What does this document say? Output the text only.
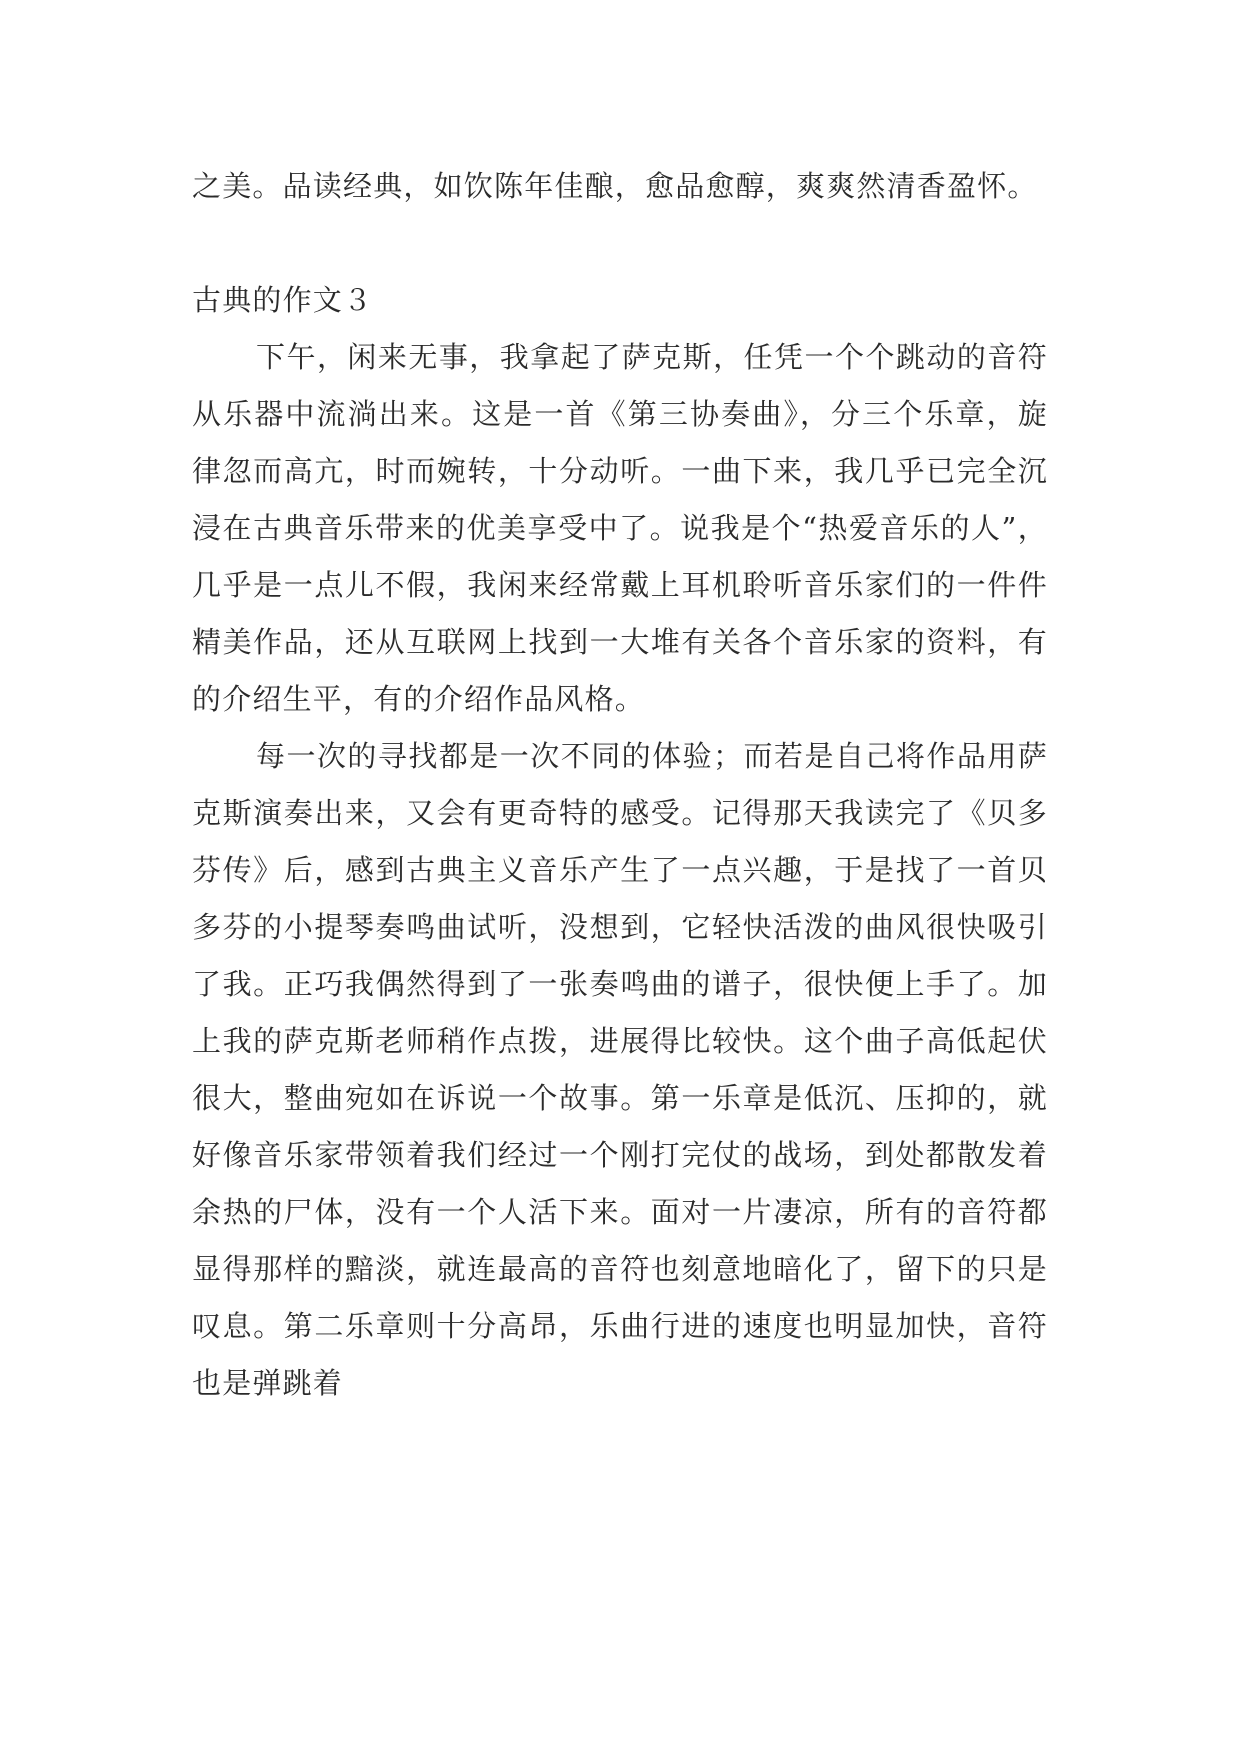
之美。品读经典，如饮陈年佳酿，愈品愈醇，爽爽然清香盈怀。

古典的作文３

下午，闲来无事，我拿起了萨克斯，任凭一个个跳动的音符从乐器中流淌出来。这是一首《第三协奏曲》，分三个乐章，旋律忽而高亢，时而婉转，十分动听。一曲下来，我几乎已完全沉浸在古典音乐带来的优美享受中了。说我是个“热爱音乐的人”，几乎是一点儿不假，我闲来经常戴上耳机聆听音乐家们的一件件精美作品，还从互联网上找到一大堆有关各个音乐家的资料，有的介绍生平，有的介绍作品风格。

每一次的寻找都是一次不同的体验；而若是自己将作品用萨克斯演奏出来，又会有更奇特的感受。记得那天我读完了《贝多芬传》后，感到古典主义音乐产生了一点兴趣，于是找了一首贝多芬的小提琴奏鸣曲试听，没想到，它轻快活泼的曲风很快吸引了我。正巧我偶然得到了一张奏鸣曲的谱子，很快便上手了。加上我的萨克斯老师稍作点拨，进展得比较快。这个曲子高低起伏很大，整曲宛如在诉说一个故事。第一乐章是低沉、压抑的，就好像音乐家带领着我们经过一个刚打完仗的战场，到处都散发着余热的尸体，没有一个人活下来。面对一片凄凉，所有的音符都显得那样的黯淡，就连最高的音符也刻意地暗化了，留下的只是叹息。第二乐章则十分高昂，乐曲行进的速度也明显加快，音符也是弹跳着
